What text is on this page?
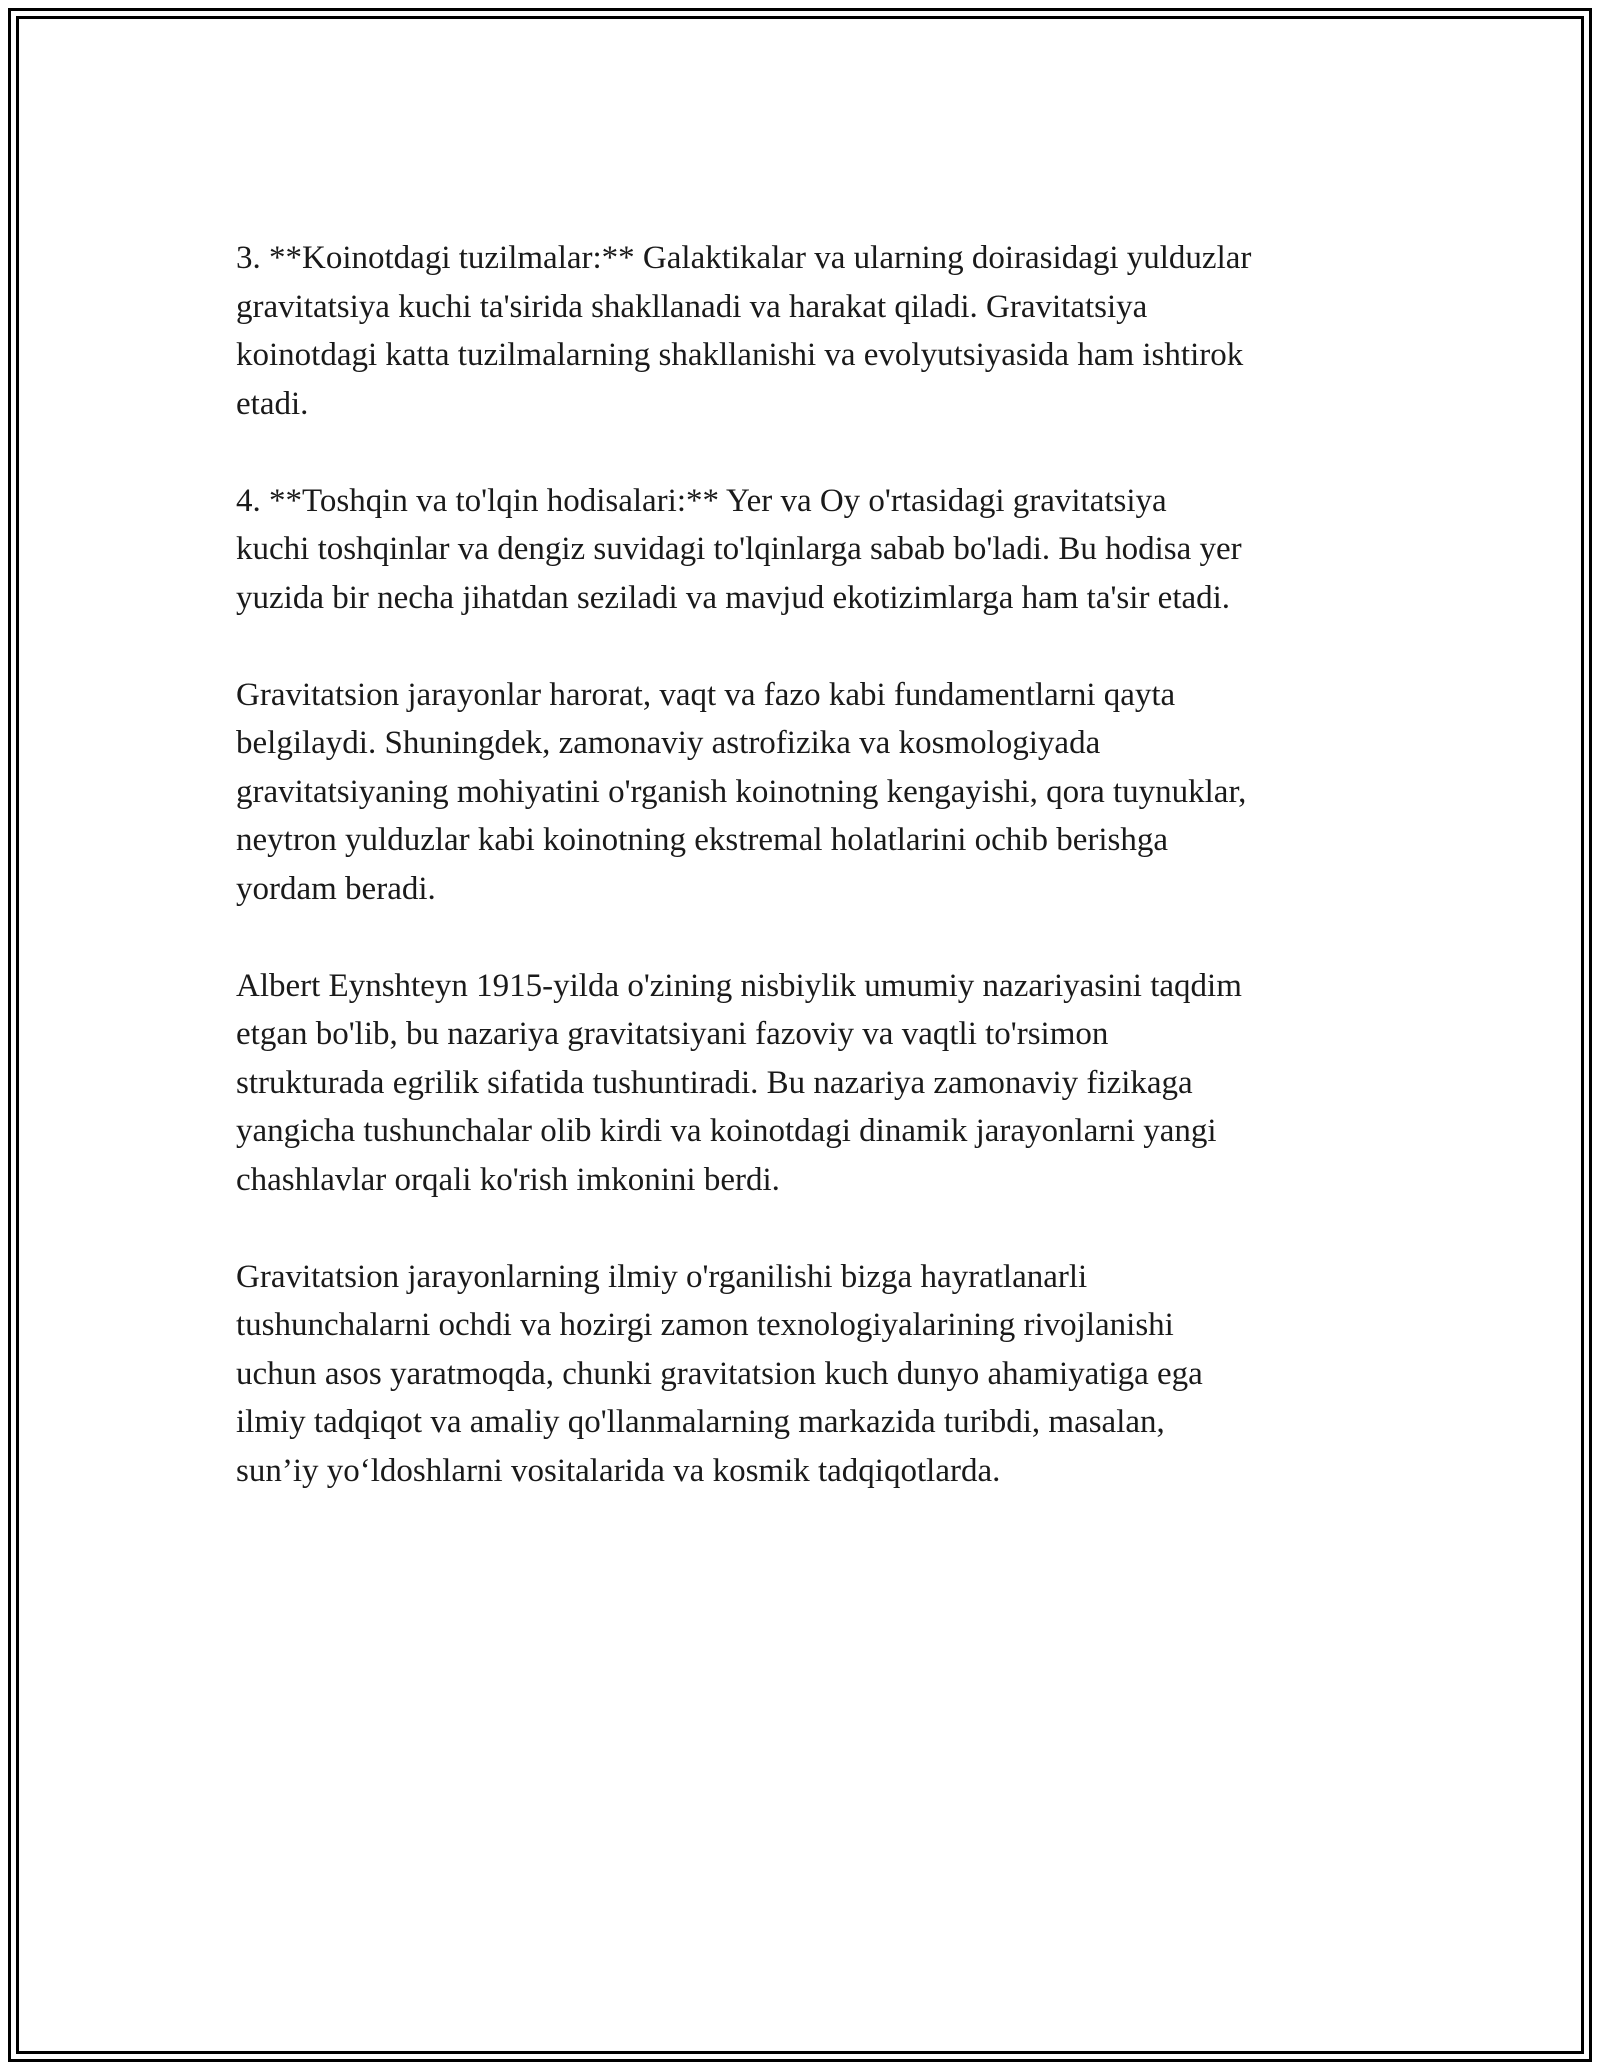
3. **Koinotdagi tuzilmalar:** Galaktikalar va ularning doirasidagi yulduzlar
gravitatsiya kuchi ta'sirida shakllanadi va harakat qiladi. Gravitatsiya
koinotdagi katta tuzilmalarning shakllanishi va evolyutsiyasida ham ishtirok
etadi.

4. **Toshqin va to'lqin hodisalari:** Yer va Oy o'rtasidagi gravitatsiya
kuchi toshqinlar va dengiz suvidagi to'lqinlarga sabab bo'ladi. Bu hodisa yer
yuzida bir necha jihatdan seziladi va mavjud ekotizimlarga ham ta'sir etadi.

Gravitatsion jarayonlar harorat, vaqt va fazo kabi fundamentlarni qayta
belgilaydi. Shuningdek, zamonaviy astrofizika va kosmologiyada
gravitatsiyaning mohiyatini o'rganish koinotning kengayishi, qora tuynuklar,
neytron yulduzlar kabi koinotning ekstremal holatlarini ochib berishga
yordam beradi.

Albert Eynshteyn 1915-yilda o'zining nisbiylik umumiy nazariyasini taqdim
etgan bo'lib, bu nazariya gravitatsiyani fazoviy va vaqtli to'rsimon
strukturada egrilik sifatida tushuntiradi. Bu nazariya zamonaviy fizikaga
yangicha tushunchalar olib kirdi va koinotdagi dinamik jarayonlarni yangi
chashlavlar orqali ko'rish imkonini berdi.

Gravitatsion jarayonlarning ilmiy o'rganilishi bizga hayratlanarli
tushunchalarni ochdi va hozirgi zamon texnologiyalarining rivojlanishi
uchun asos yaratmoqda, chunki gravitatsion kuch dunyo ahamiyatiga ega
ilmiy tadqiqot va amaliy qo'llanmalarning markazida turibdi, masalan,
sun’iy yo‘ldoshlarni vositalarida va kosmik tadqiqotlarda.
